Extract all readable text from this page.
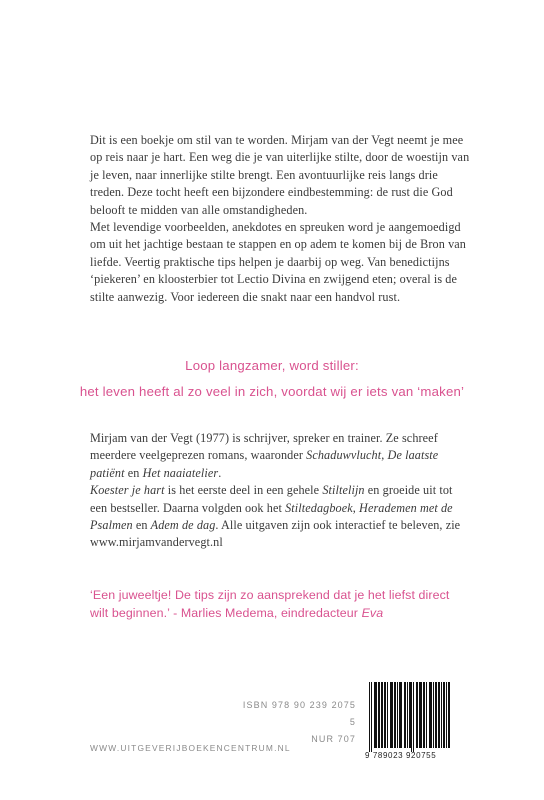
Dit is een boekje om stil van te worden. Mirjam van der Vegt neemt je mee op reis naar je hart. Een weg die je van uiterlijke stilte, door de woestijn van je leven, naar innerlijke stilte brengt. Een avontuurlijke reis langs drie treden. Deze tocht heeft een bijzondere eindbestemming: de rust die God belooft te midden van alle omstandigheden.

Met levendige voorbeelden, anekdotes en spreuken word je aangemoedigd om uit het jachtige bestaan te stappen en op adem te komen bij de Bron van liefde. Veertig praktische tips helpen je daarbij op weg. Van benedictijns ‘piekeren’ en kloosterbier tot Lectio Divina en zwijgend eten; overal is de stilte aanwezig. Voor iedereen die snakt naar een handvol rust.

Loop langzamer, word stiller:
het leven heeft al zo veel in zich, voordat wij er iets van ‘maken’

Mirjam van der Vegt (1977) is schrijver, spreker en trainer. Ze schreef meerdere veelgeprezen romans, waaronder Schaduwvlucht, De laatste patiënt en Het naaiatelier.

Koester je hart is het eerste deel in een gehele Stiltelijn en groeide uit tot een bestseller. Daarna volgden ook het Stiltedagboek, Herademen met de Psalmen en Adem de dag. Alle uitgaven zijn ook interactief te beleven, zie www.mirjamvandervegt.nl

‘Een juweeltje! De tips zijn zo aansprekend dat je het liefst direct wilt beginnen.’ - Marlies Medema, eindredacteur Eva

ISBN 978 90 239 2075 5
NUR 707
WWW.UITGEVERIJBOEKENCENTRUM.NL
9 789023 920755
